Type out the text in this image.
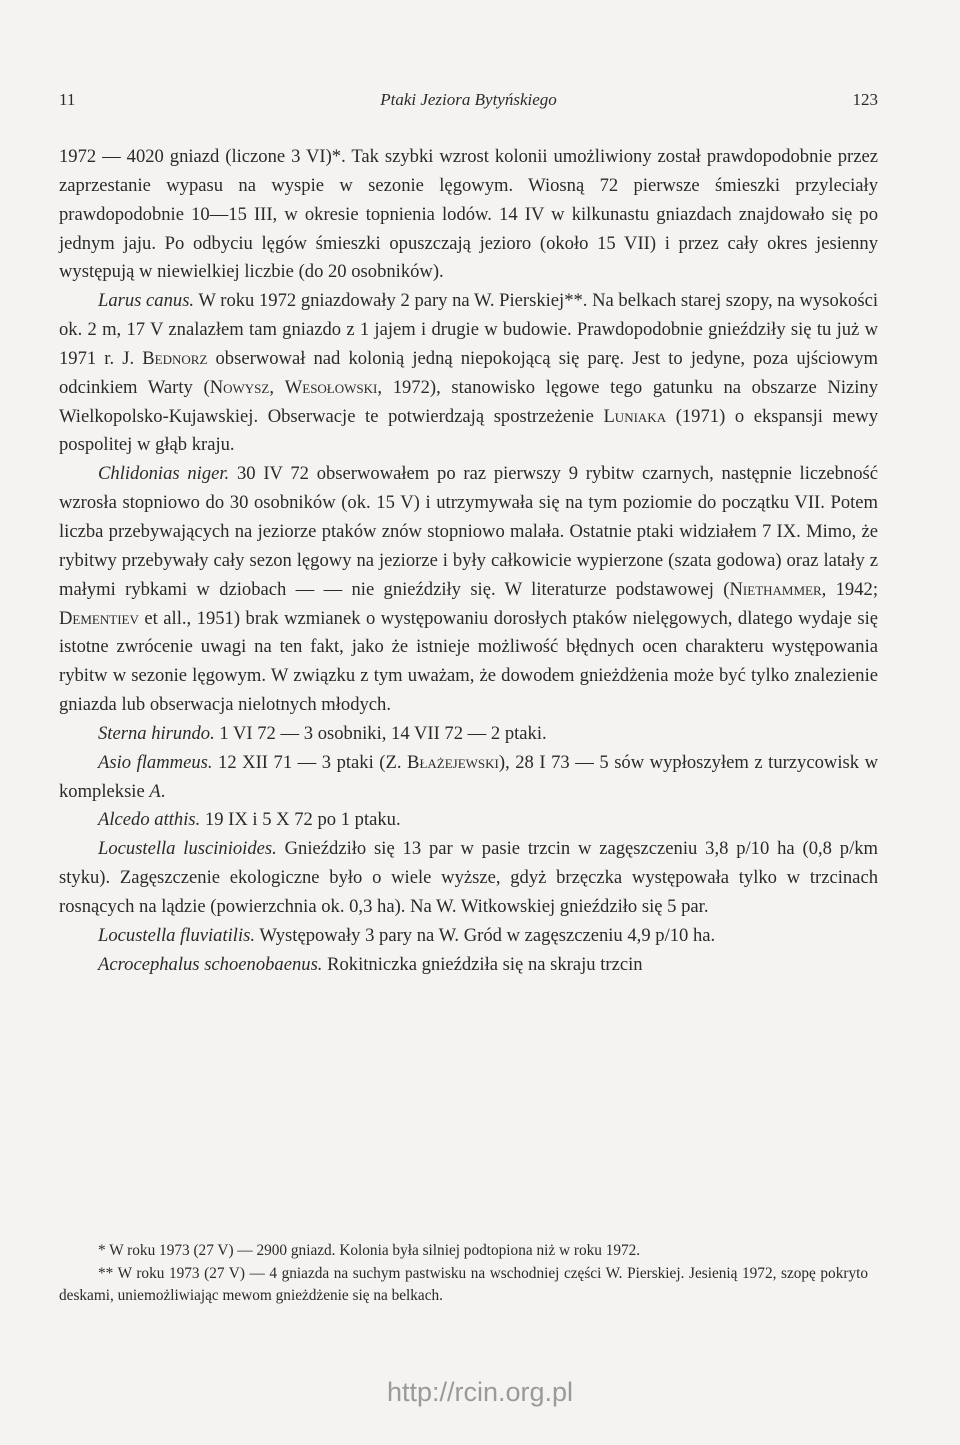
11	Ptaki Jeziora Bytyńskiego	123

1972 — 4020 gniazd (liczone 3 VI)*. Tak szybki wzrost kolonii umożliwiony został prawdopodobnie przez zaprzestanie wypasu na wyspie w sezonie lęgowym. Wiosną 72 pierwsze śmieszki przyleciały prawdopodobnie 10—15 III, w okresie topnienia lodów. 14 IV w kilkunastu gniazdach znajdowało się po jednym jaju. Po odbyciu lęgów śmieszki opuszczają jezioro (około 15 VII) i przez cały okres jesienny występują w niewielkiej liczbie (do 20 osobników).

Larus canus. W roku 1972 gniazdowały 2 pary na W. Pierskiej**. Na belkach starej szopy, na wysokości ok. 2 m, 17 V znalazłem tam gniazdo z 1 jajem i drugie w budowie. Prawdopodobnie gnieździły się tu już w 1971 r. J. Bednorz obserwował nad kolonią jedną niepokojącą się parę. Jest to jedyne, poza ujściowym odcinkiem Warty (Nowysz, Wesołowski, 1972), stanowisko lęgowe tego gatunku na obszarze Niziny Wielkopolsko-Kujawskiej. Obserwacje te potwierdzają spostrzeżenie Luniaka (1971) o ekspansji mewy pospolitej w głąb kraju.

Chlidonias niger. 30 IV 72 obserwowałem po raz pierwszy 9 rybitw czarnych, następnie liczebność wzrosła stopniowo do 30 osobników (ok. 15 V) i utrzymywała się na tym poziomie do początku VII. Potem liczba przebywających na jeziorze ptaków znów stopniowo malała. Ostatnie ptaki widziałem 7 IX. Mimo, że rybitwy przebywały cały sezon lęgowy na jeziorze i były całkowicie wypierzone (szata godowa) oraz latały z małymi rybkami w dziobach — — nie gnieździły się. W literaturze podstawowej (Niethammer, 1942; Dementiev et all., 1951) brak wzmianek o występowaniu dorosłych ptaków nielęgowych, dlatego wydaje się istotne zwrócenie uwagi na ten fakt, jako że istnieje możliwość błędnych ocen charakteru występowania rybitw w sezonie lęgowym. W związku z tym uważam, że dowodem gnieżdżenia może być tylko znalezienie gniazda lub obserwacja nielotnych młodych.

Sterna hirundo. 1 VI 72 — 3 osobniki, 14 VII 72 — 2 ptaki.

Asio flammeus. 12 XII 71 — 3 ptaki (Z. Błażejewski), 28 I 73 — 5 sów wypłoszyłem z turzycowisk w kompleksie A.

Alcedo atthis. 19 IX i 5 X 72 po 1 ptaku.

Locustella luscinioides. Gnieździło się 13 par w pasie trzcin w zagęszczeniu 3,8 p/10 ha (0,8 p/km styku). Zagęszczenie ekologiczne było o wiele wyższe, gdyż brzęczka występowała tylko w trzcinach rosnących na lądzie (powierzchnia ok. 0,3 ha). Na W. Witkowskiej gnieździło się 5 par.

Locustella fluviatilis. Występowały 3 pary na W. Gród w zagęszczeniu 4,9 p/10 ha.

Acrocephalus schoenobaenus. Rokitniczka gnieździła się na skraju trzcin

* W roku 1973 (27 V) — 2900 gniazd. Kolonia była silniej podtopiona niż w roku 1972.

** W roku 1973 (27 V) — 4 gniazda na suchym pastwisku na wschodniej części W. Pierskiej. Jesienią 1972, szopę pokryto deskami, uniemożliwiając mewom gnieżdżenie się na belkach.

http://rcin.org.pl
